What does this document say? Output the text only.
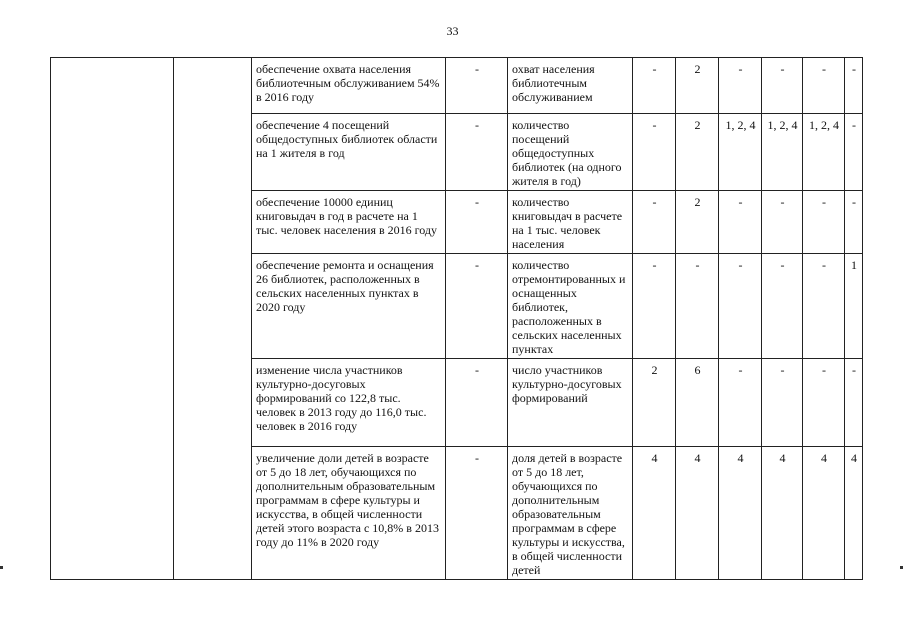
33
		обеспечение охвата населения библиотечным обслуживанием 54% в 2016 году	-	охват населения библиотечным обслуживанием	-	2	-	-	-	-
		обеспечение 4 посещений общедоступных библиотек области на 1 жителя в год	-	количество посещений общедоступных библиотек (на одного жителя в год)	-	2	1, 2, 4	1, 2, 4	1, 2, 4	-
		обеспечение 10000 единиц книговыдач в год в расчете на 1 тыс. человек населения в 2016 году	-	количество книговыдач в расчете на 1 тыс. человек населения	-	2	-	-	-	-
		обеспечение ремонта и оснащения 26 библиотек, расположенных в сельских населенных пунктах в 2020 году	-	количество отремонтированных и оснащенных библиотек, расположенных в сельских населенных пунктах	-	-	-	-	-	1
		изменение числа участников культурно-досуговых формирований со 122,8 тыс. человек в 2013 году до 116,0 тыс. человек в 2016 году	-	число участников культурно-досуговых формирований	2	6	-	-	-	-
		увеличение доли детей в возрасте от 5 до 18 лет, обучающихся по дополнительным образовательным программам в сфере культуры и искусства, в общей численности детей этого возраста с 10,8% в 2013 году до 11% в 2020 году	-	доля детей в возрасте от 5 до 18 лет, обучающихся по дополнительным образовательным программам в сфере культуры и искусства, в общей численности детей	4	4	4	4	4	4
